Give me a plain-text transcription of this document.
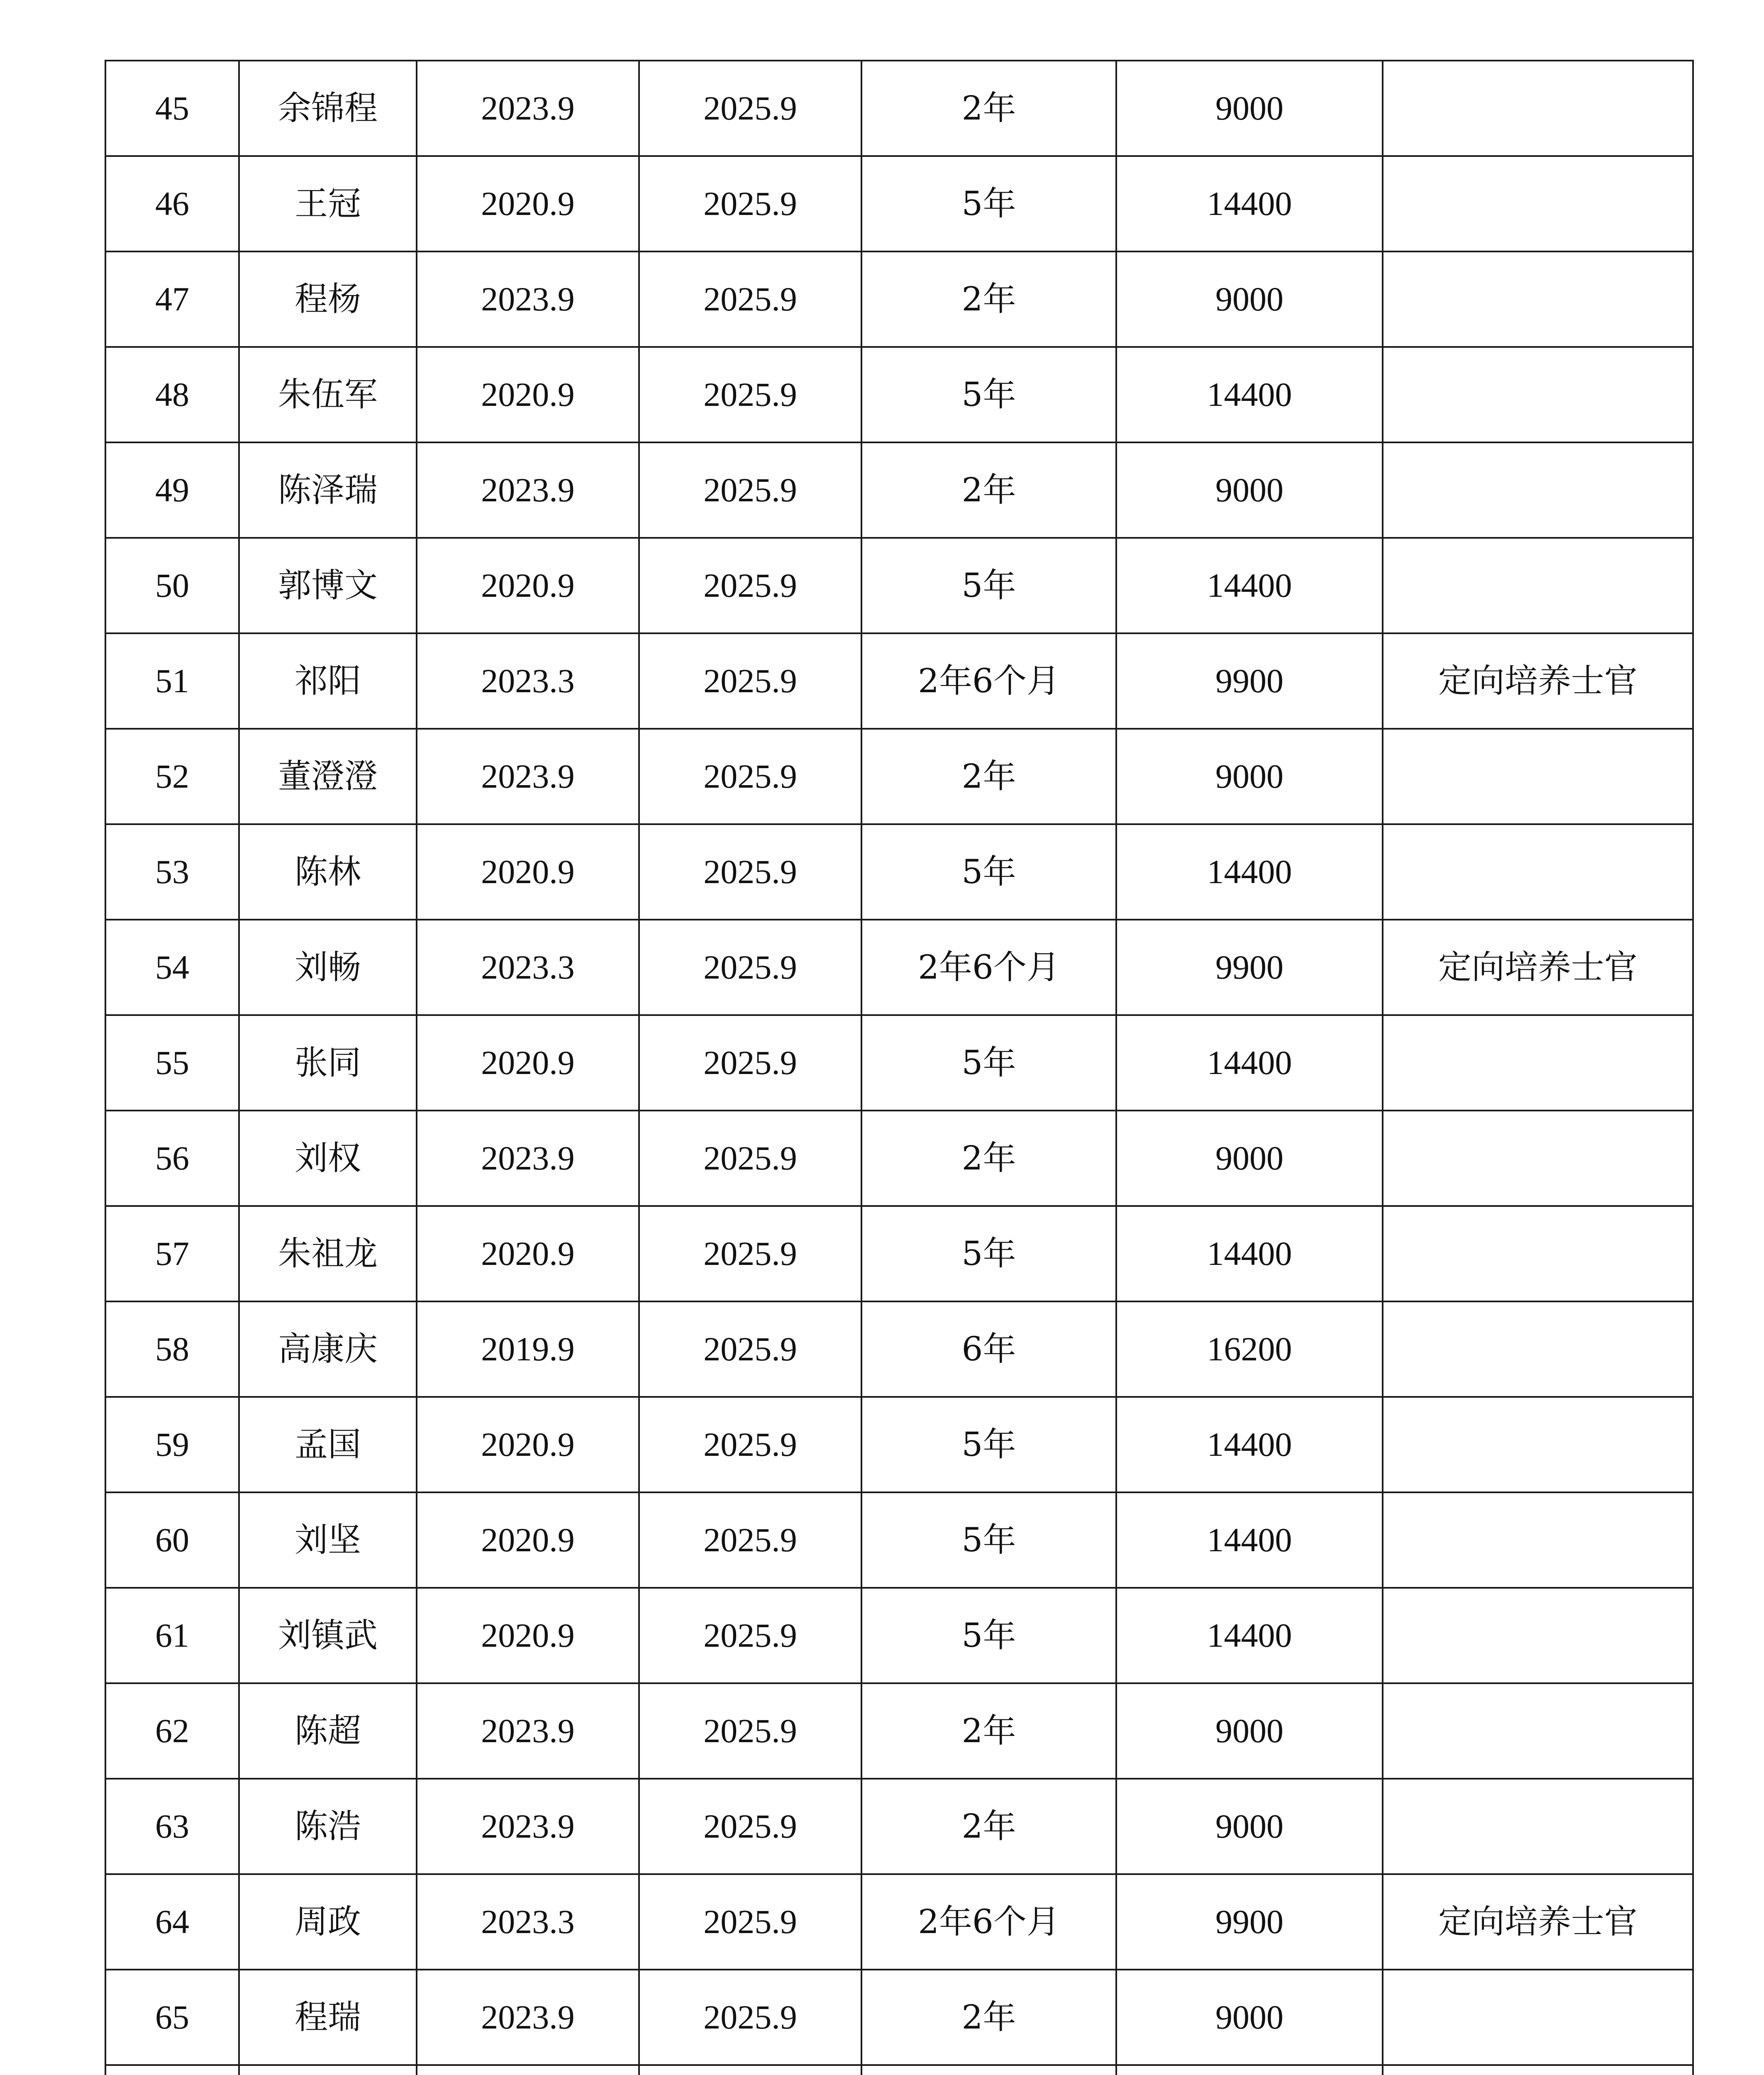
45	余锦程	2023.9	2025.9	2年	9000	
46	王冠	2020.9	2025.9	5年	14400	
47	程杨	2023.9	2025.9	2年	9000	
48	朱伍军	2020.9	2025.9	5年	14400	
49	陈泽瑞	2023.9	2025.9	2年	9000	
50	郭博文	2020.9	2025.9	5年	14400	
51	祁阳	2023.3	2025.9	2年6个月	9900	定向培养士官
52	董澄澄	2023.9	2025.9	2年	9000	
53	陈林	2020.9	2025.9	5年	14400	
54	刘畅	2023.3	2025.9	2年6个月	9900	定向培养士官
55	张同	2020.9	2025.9	5年	14400	
56	刘权	2023.9	2025.9	2年	9000	
57	朱祖龙	2020.9	2025.9	5年	14400	
58	高康庆	2019.9	2025.9	6年	16200	
59	孟国	2020.9	2025.9	5年	14400	
60	刘坚	2020.9	2025.9	5年	14400	
61	刘镇武	2020.9	2025.9	5年	14400	
62	陈超	2023.9	2025.9	2年	9000	
63	陈浩	2023.9	2025.9	2年	9000	
64	周政	2023.3	2025.9	2年6个月	9900	定向培养士官
65	程瑞	2023.9	2025.9	2年	9000	
